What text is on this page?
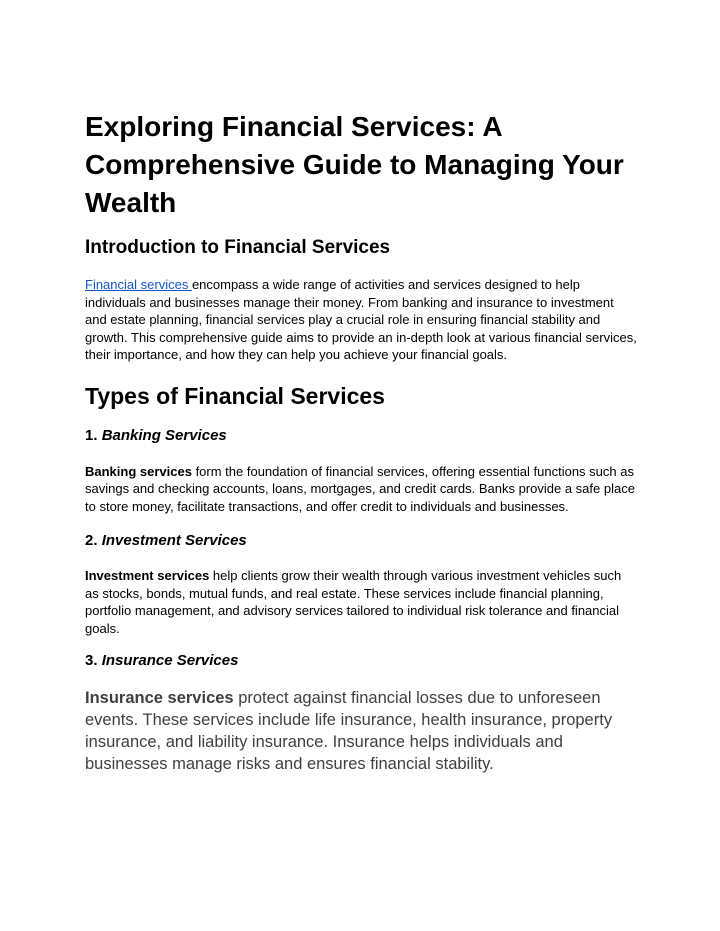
Exploring Financial Services: A Comprehensive Guide to Managing Your Wealth
Introduction to Financial Services

Financial services encompass a wide range of activities and services designed to help individuals and businesses manage their money. From banking and insurance to investment and estate planning, financial services play a crucial role in ensuring financial stability and growth. This comprehensive guide aims to provide an in-depth look at various financial services, their importance, and how they can help you achieve your financial goals.

Types of Financial Services
1. Banking Services

Banking services form the foundation of financial services, offering essential functions such as savings and checking accounts, loans, mortgages, and credit cards. Banks provide a safe place to store money, facilitate transactions, and offer credit to individuals and businesses.

2. Investment Services

Investment services help clients grow their wealth through various investment vehicles such as stocks, bonds, mutual funds, and real estate. These services include financial planning, portfolio management, and advisory services tailored to individual risk tolerance and financial goals.

3. Insurance Services

Insurance services protect against financial losses due to unforeseen events. These services include life insurance, health insurance, property insurance, and liability insurance. Insurance helps individuals and businesses manage risks and ensures financial stability.
